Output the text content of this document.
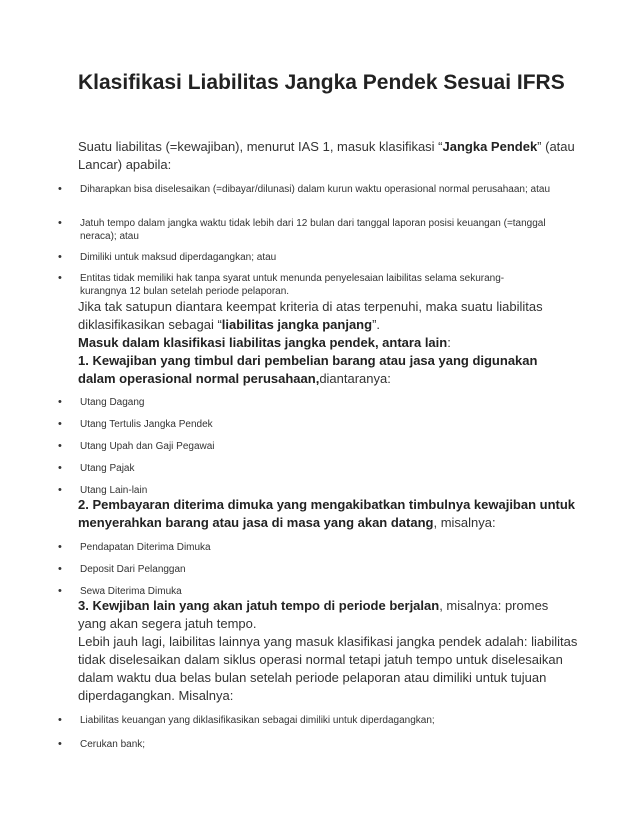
Klasifikasi Liabilitas Jangka Pendek Sesuai IFRS

Suatu liabilitas (=kewajiban), menurut IAS 1, masuk klasifikasi “Jangka Pendek” (atau Lancar) apabila:

• Diharapkan bisa diselesaikan (=dibayar/dilunasi) dalam kurun waktu operasional normal perusahaan; atau
• Jatuh tempo dalam jangka waktu tidak lebih dari 12 bulan dari tanggal laporan posisi keuangan (=tanggal neraca); atau
• Dimiliki untuk maksud diperdagangkan; atau
• Entitas tidak memiliki hak tanpa syarat untuk menunda penyelesaian laibilitas selama sekurang-kurangnya 12 bulan setelah periode pelaporan.

Jika tak satupun diantara keempat kriteria di atas terpenuhi, maka suatu liabilitas diklasifikasikan sebagai “liabilitas jangka panjang”.

Masuk dalam klasifikasi liabilitas jangka pendek, antara lain:

1. Kewajiban yang timbul dari pembelian barang atau jasa yang digunakan dalam operasional normal perusahaan,diantaranya:

• Utang Dagang
• Utang Tertulis Jangka Pendek
• Utang Upah dan Gaji Pegawai
• Utang Pajak
• Utang Lain-lain

2. Pembayaran diterima dimuka yang mengakibatkan timbulnya kewajiban untuk menyerahkan barang atau jasa di masa yang akan datang, misalnya:

• Pendapatan Diterima Dimuka
• Deposit Dari Pelanggan
• Sewa Diterima Dimuka

3. Kewjiban lain yang akan jatuh tempo di periode berjalan, misalnya: promes yang akan segera jatuh tempo.

Lebih jauh lagi, laibilitas lainnya yang masuk klasifikasi jangka pendek adalah: liabilitas tidak diselesaikan dalam siklus operasi normal tetapi jatuh tempo untuk diselesaikan dalam waktu dua belas bulan setelah periode pelaporan atau dimiliki untuk tujuan diperdagangkan. Misalnya:

• Liabilitas keuangan yang diklasifikasikan sebagai dimiliki untuk diperdagangkan;
• Cerukan bank;
